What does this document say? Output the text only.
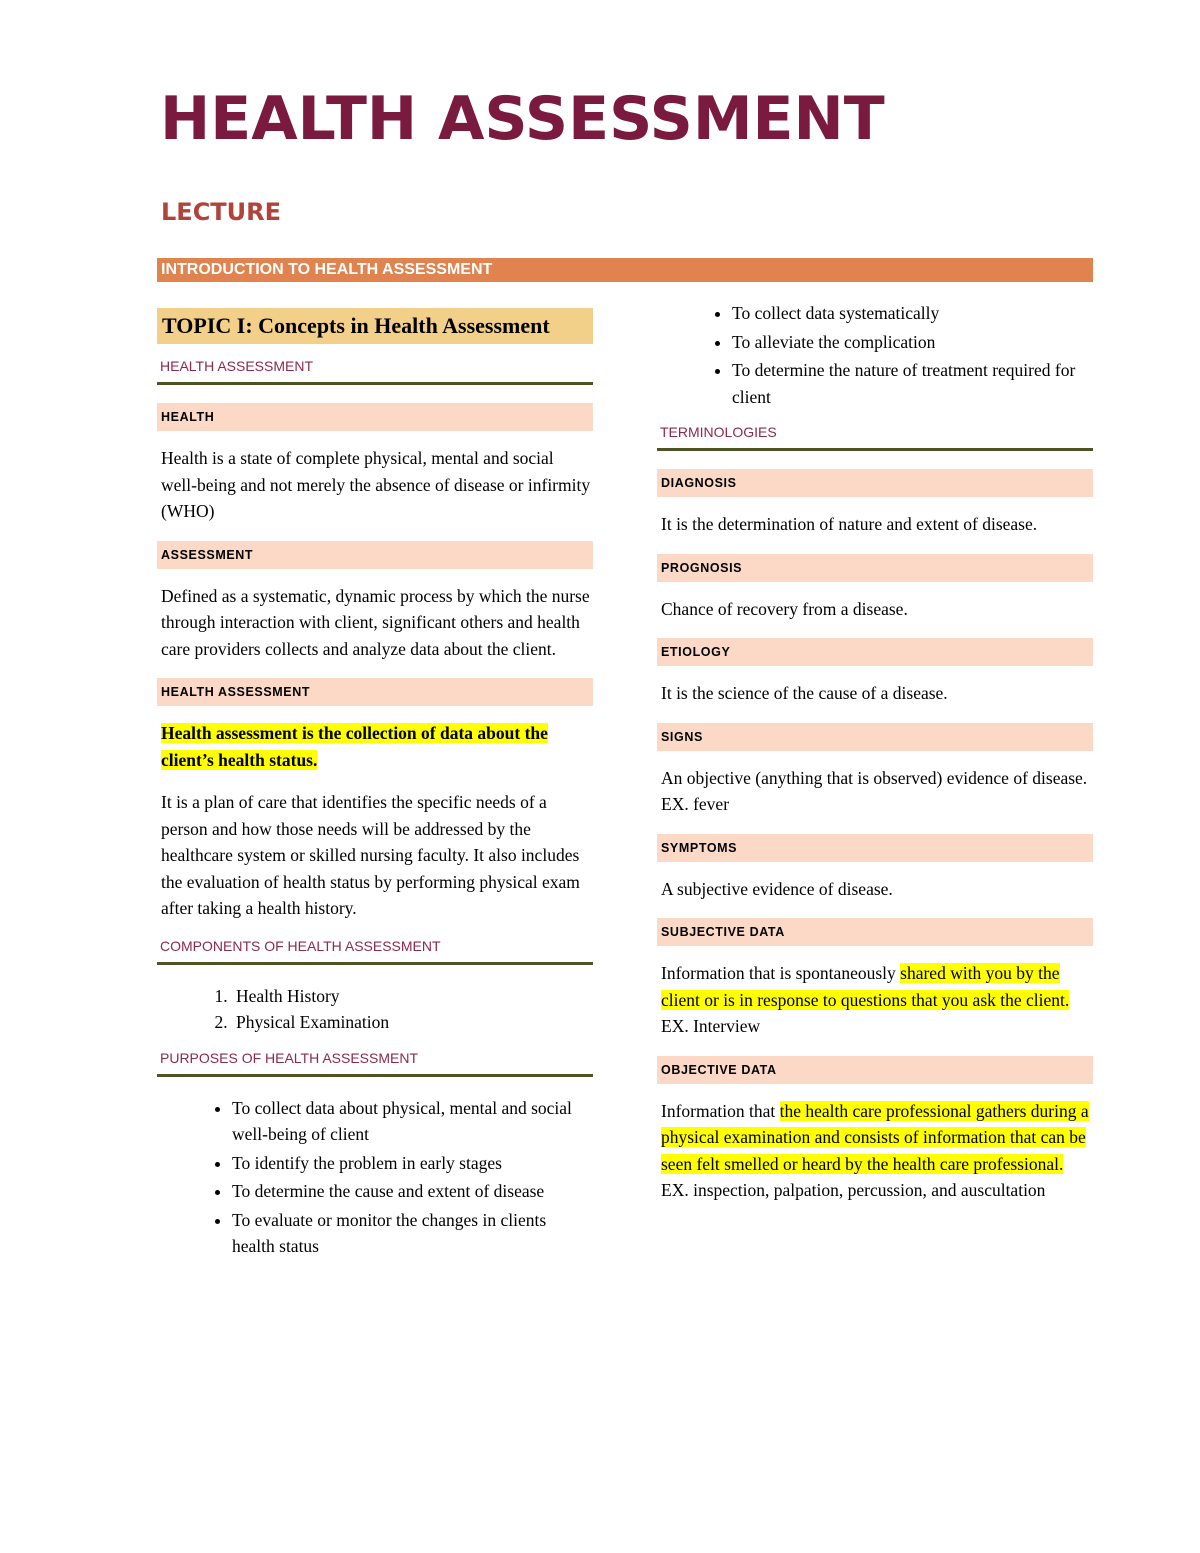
HEALTH ASSESSMENT
LECTURE
INTRODUCTION TO HEALTH ASSESSMENT
TOPIC I: Concepts in Health Assessment
HEALTH ASSESSMENT
HEALTH

Health is a state of complete physical, mental and social well-being and not merely the absence of disease or infirmity (WHO)

ASSESSMENT

Defined as a systematic, dynamic process by which the nurse through interaction with client, significant others and health care providers collects and analyze data about the client.

HEALTH ASSESSMENT

Health assessment is the collection of data about the client’s health status.

It is a plan of care that identifies the specific needs of a person and how those needs will be addressed by the healthcare system or skilled nursing faculty. It also includes the evaluation of health status by performing physical exam after taking a health history.

COMPONENTS OF HEALTH ASSESSMENT
1. Health History
2. Physical Examination
PURPOSES OF HEALTH ASSESSMENT
• To collect data about physical, mental and social well-being of client
• To identify the problem in early stages
• To determine the cause and extent of disease
• To evaluate or monitor the changes in clients health status
• To collect data systematically
• To alleviate the complication
• To determine the nature of treatment required for client
TERMINOLOGIES
DIAGNOSIS

It is the determination of nature and extent of disease.

PROGNOSIS

Chance of recovery from a disease.

ETIOLOGY

It is the science of the cause of a disease.

SIGNS

An objective (anything that is observed) evidence of disease. EX. fever

SYMPTOMS

A subjective evidence of disease.

SUBJECTIVE DATA

Information that is spontaneously shared with you by the client or is in response to questions that you ask the client. EX. Interview

OBJECTIVE DATA

Information that the health care professional gathers during a physical examination and consists of information that can be seen felt smelled or heard by the health care professional. EX. inspection, palpation, percussion, and auscultation
